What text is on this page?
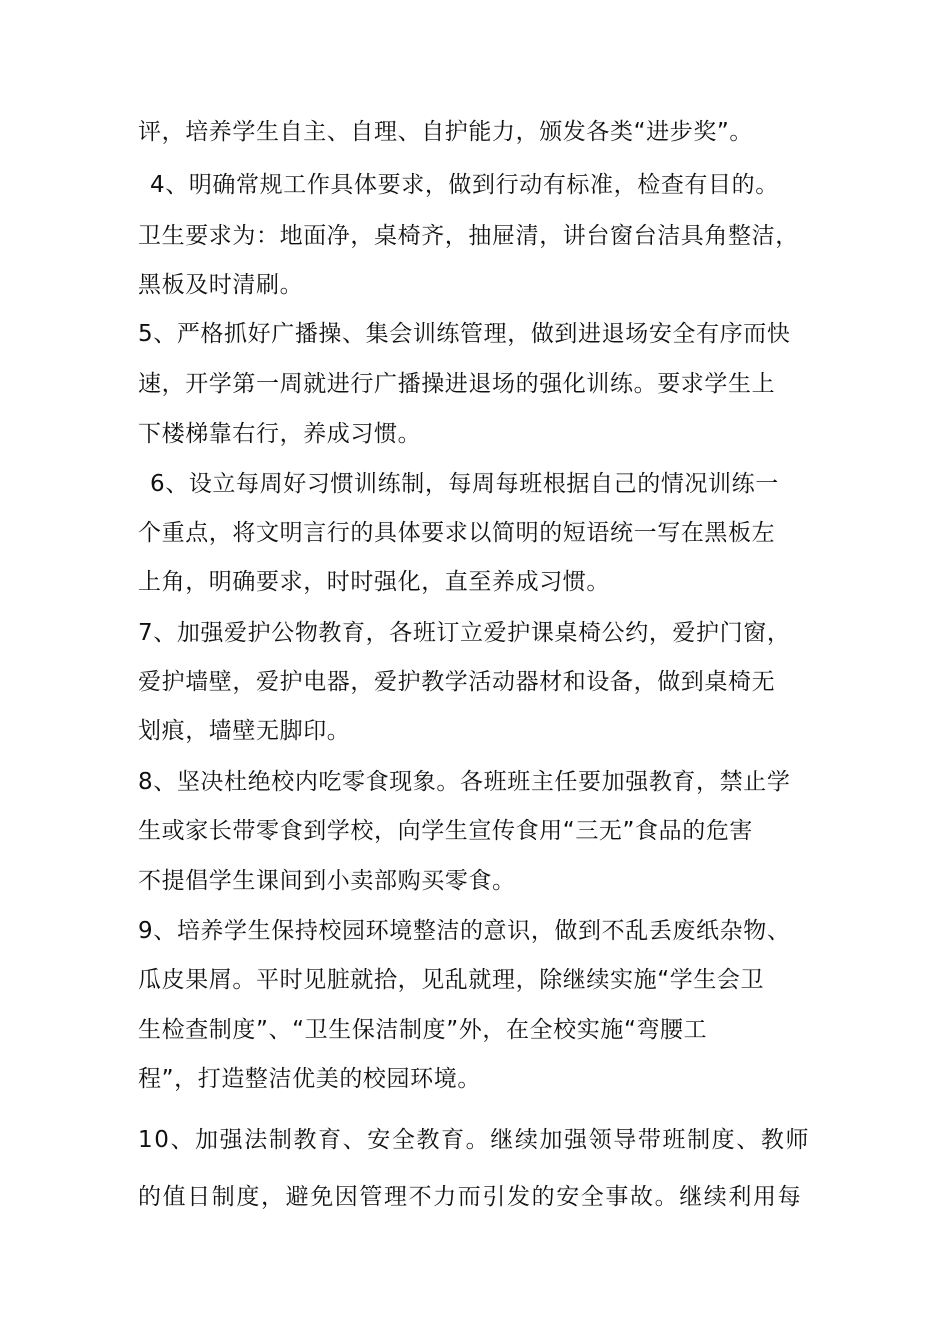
评，培养学生自主、自理、自护能力，颁发各类“进步奖”。
4、明确常规工作具体要求，做到行动有标准，检查有目的。
卫生要求为：地面净，桌椅齐，抽屉清，讲台窗台洁具角整洁，
黑板及时清刷。
5、严格抓好广播操、集会训练管理，做到进退场安全有序而快
速，开学第一周就进行广播操进退场的强化训练。要求学生上
下楼梯靠右行，养成习惯。
6、设立每周好习惯训练制，每周每班根据自己的情况训练一
个重点，将文明言行的具体要求以简明的短语统一写在黑板左
上角，明确要求，时时强化，直至养成习惯。
7、加强爱护公物教育，各班订立爱护课桌椅公约，爱护门窗，
爱护墙壁，爱护电器，爱护教学活动器材和设备，做到桌椅无
划痕，墙壁无脚印。
8、坚决杜绝校内吃零食现象。各班班主任要加强教育，禁止学
生或家长带零食到学校，向学生宣传食用“三无”食品的危害
不提倡学生课间到小卖部购买零食。
9、培养学生保持校园环境整洁的意识，做到不乱丢废纸杂物、
瓜皮果屑。平时见脏就拾，见乱就理，除继续实施“学生会卫
生检查制度”、“卫生保洁制度”外，在全校实施“弯腰工
程”，打造整洁优美的校园环境。
10、加强法制教育、安全教育。继续加强领导带班制度、教师
的值日制度，避免因管理不力而引发的安全事故。继续利用每
